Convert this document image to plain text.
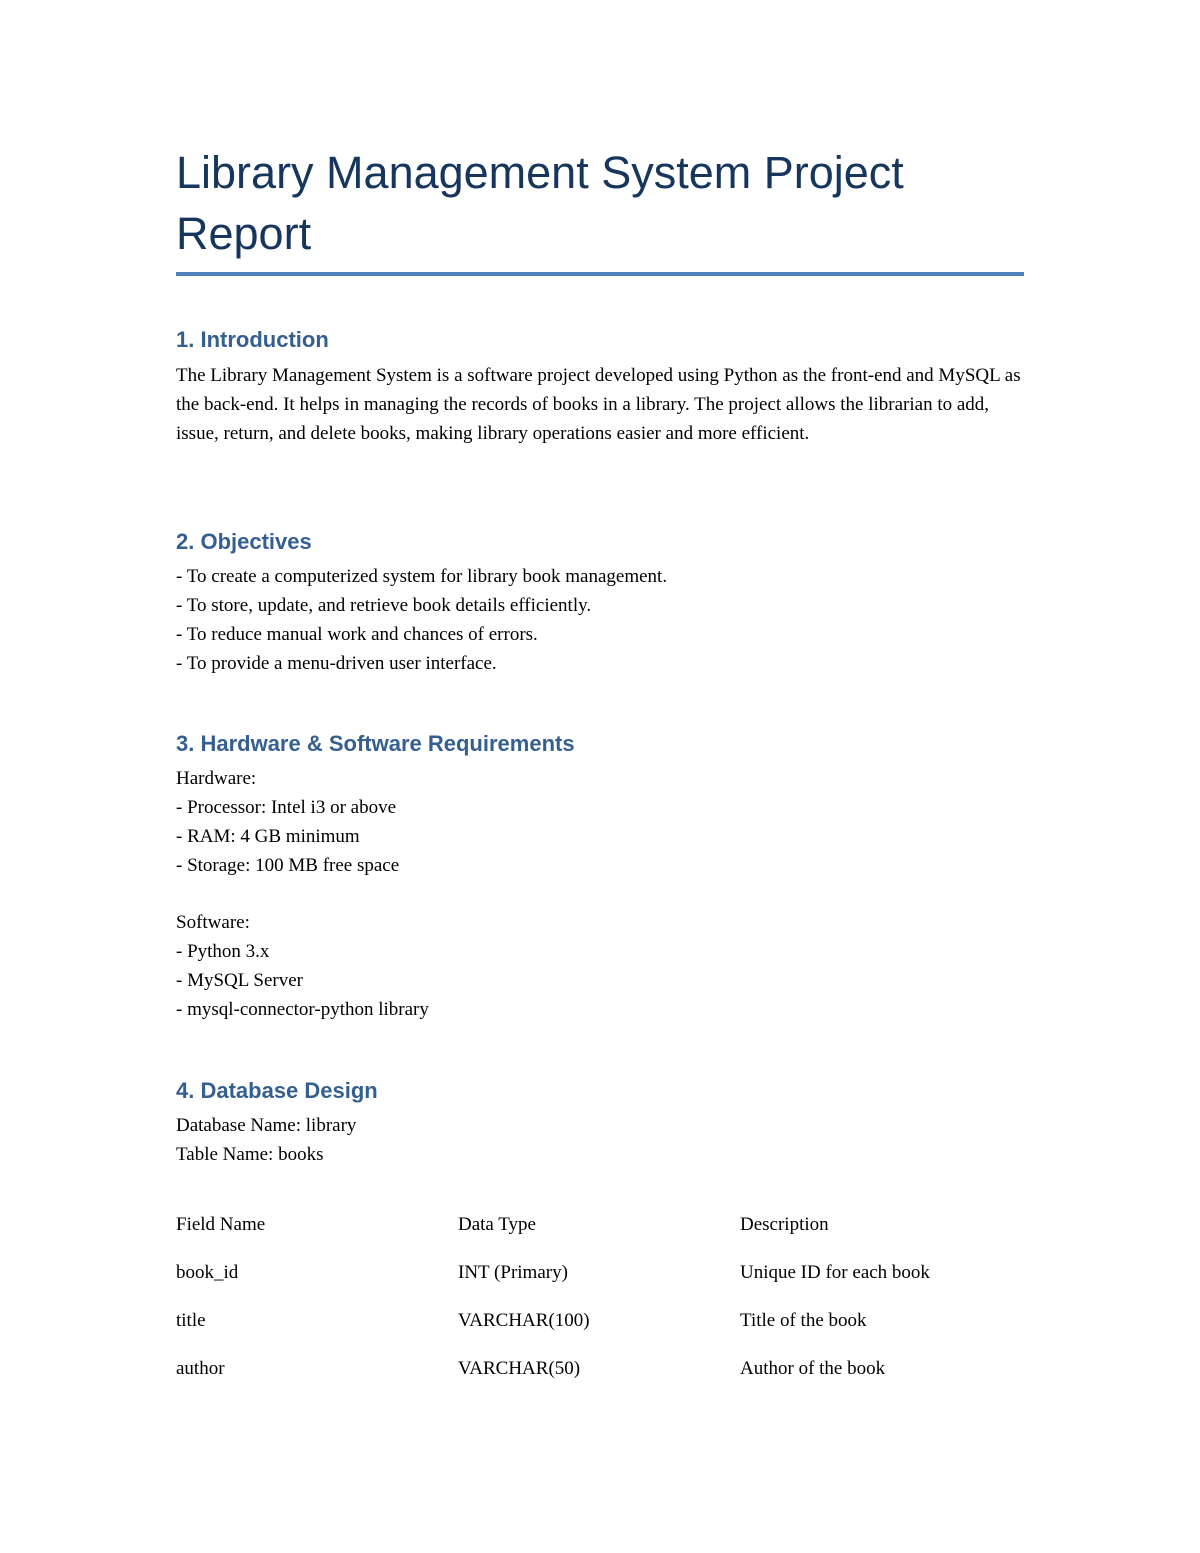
Library Management System Project Report
1. Introduction

The Library Management System is a software project developed using Python as the front-end and MySQL as the back-end. It helps in managing the records of books in a library. The project allows the librarian to add, issue, return, and delete books, making library operations easier and more efficient.

2. Objectives
- To create a computerized system for library book management.
- To store, update, and retrieve book details efficiently.
- To reduce manual work and chances of errors.
- To provide a menu-driven user interface.
3. Hardware & Software Requirements
Hardware:
- Processor: Intel i3 or above
- RAM: 4 GB minimum
- Storage: 100 MB free space
Software:
- Python 3.x
- MySQL Server
- mysql-connector-python library
4. Database Design
Database Name: library
Table Name: books
Field Name	Data Type	Description
book_id	INT (Primary)	Unique ID for each book
title	VARCHAR(100)	Title of the book
author	VARCHAR(50)	Author of the book
